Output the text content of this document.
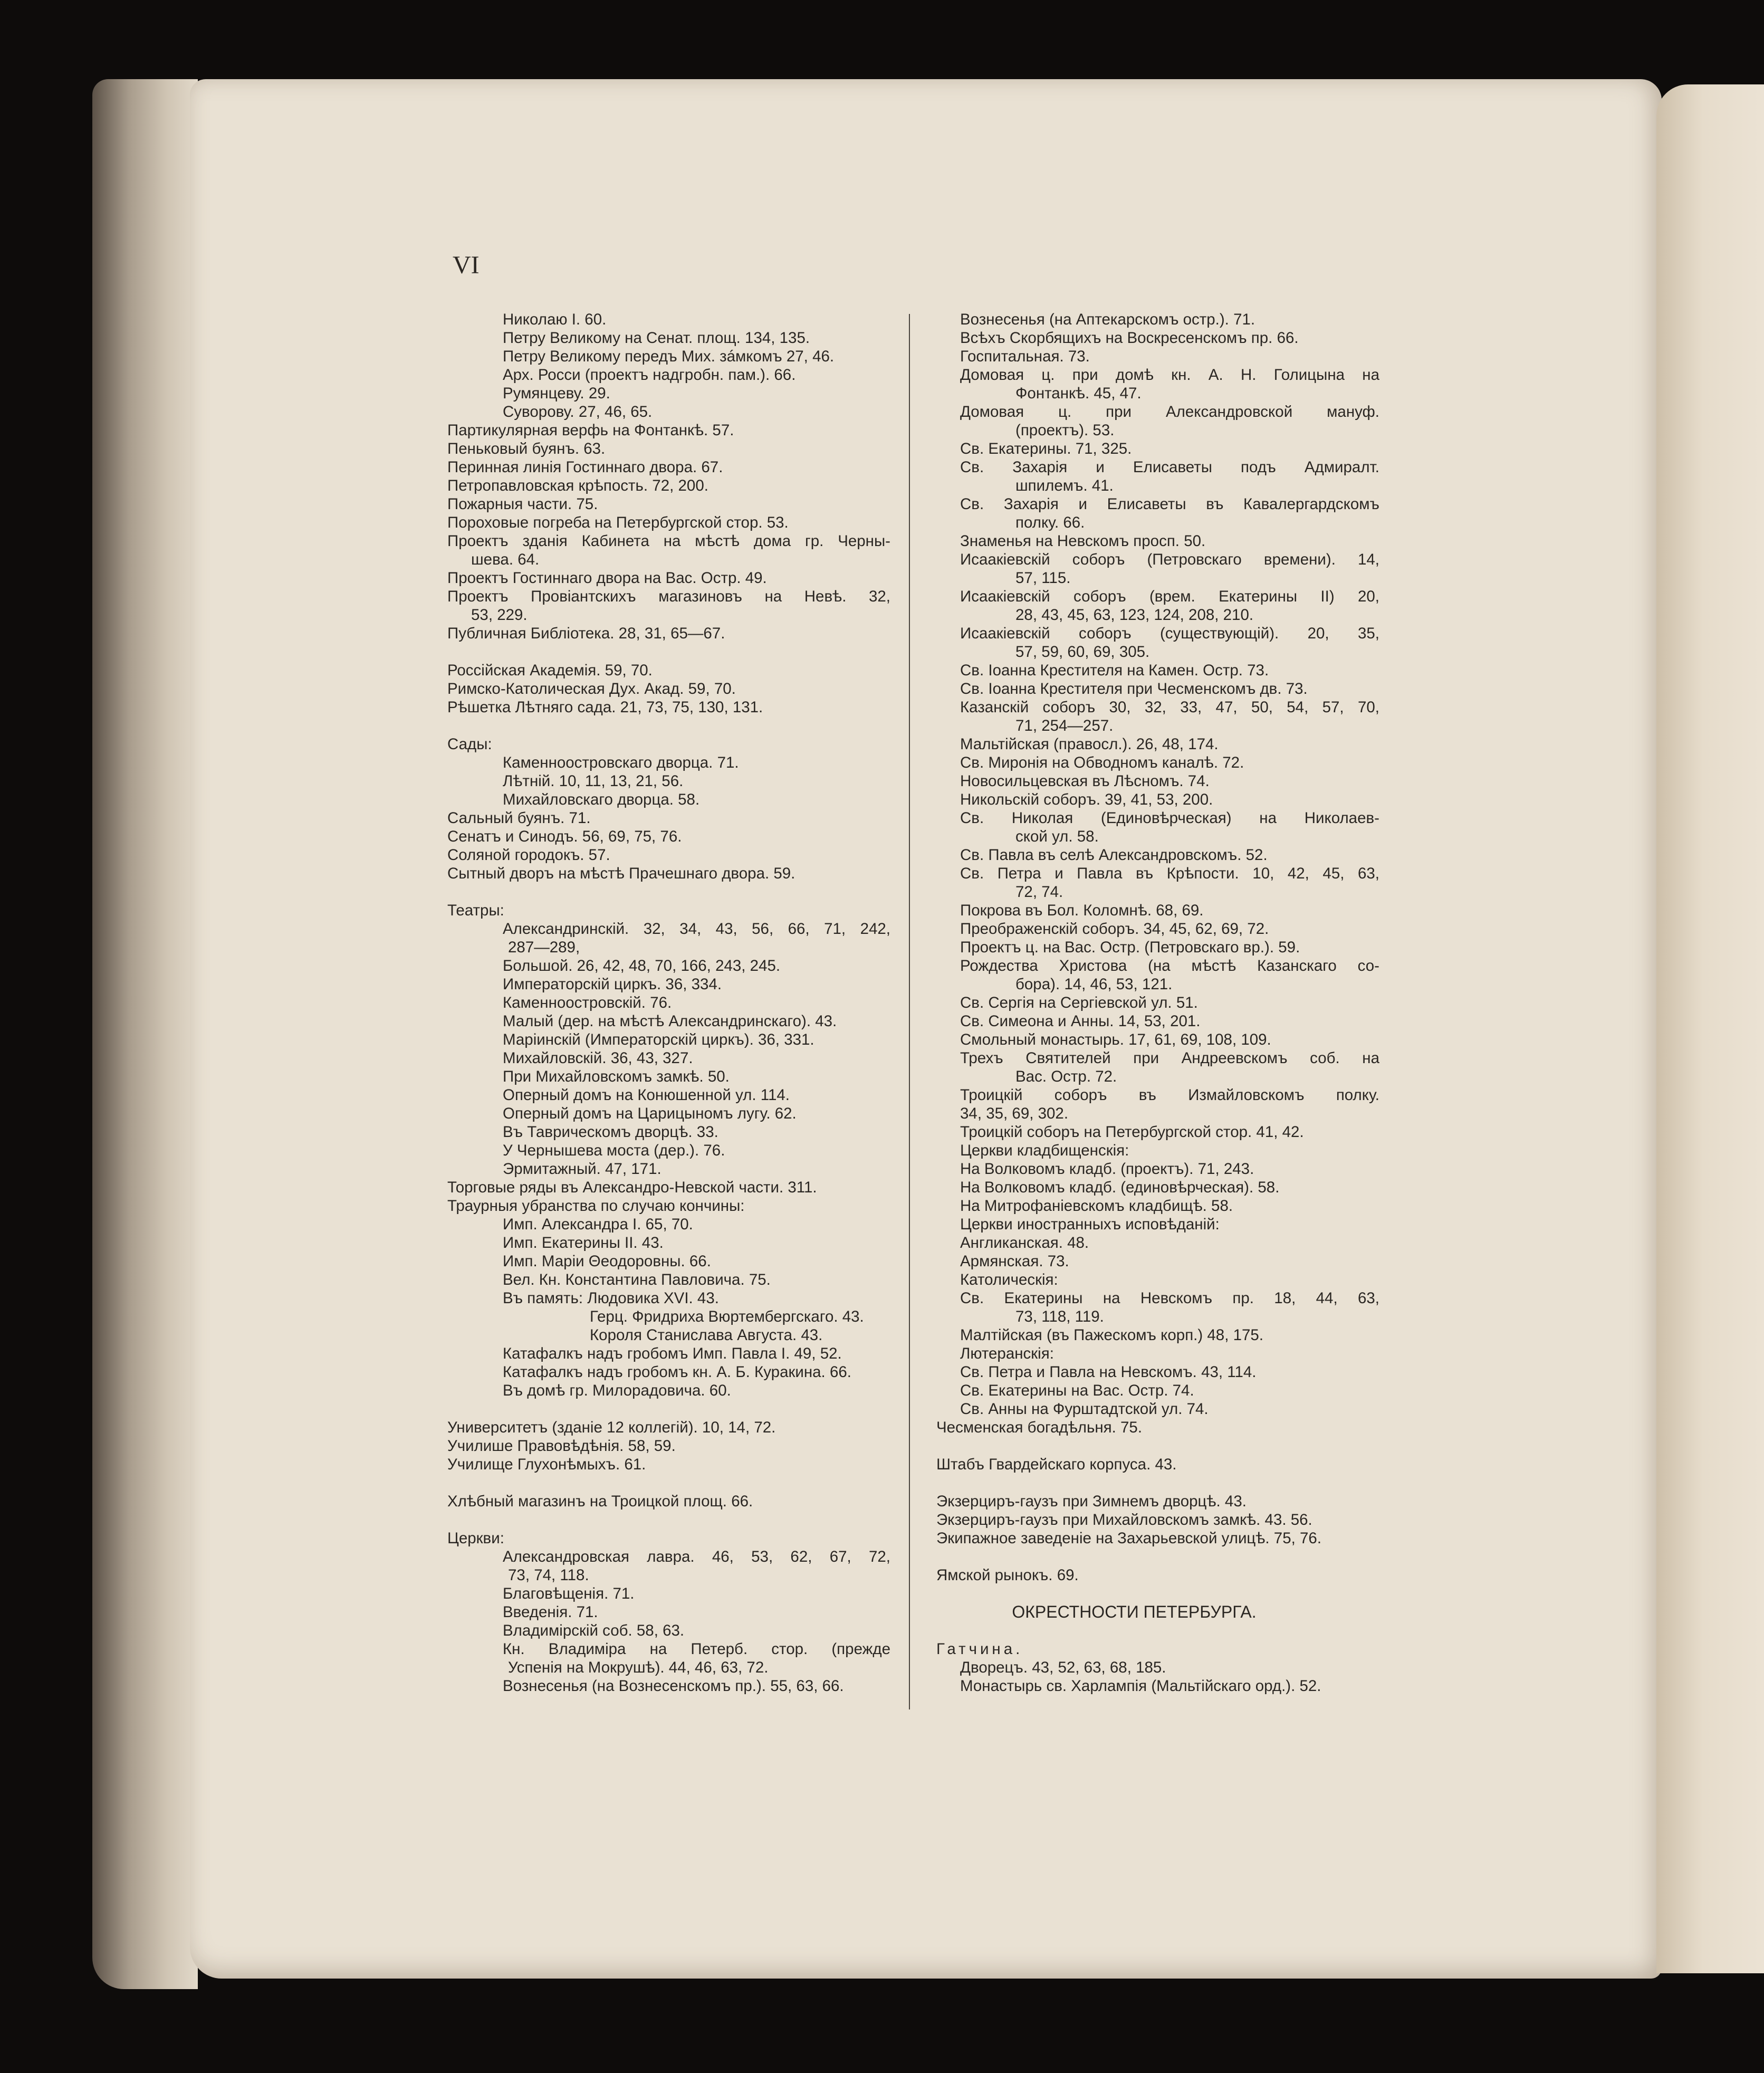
VI
Николаю I. 60.
Петру Великому на Сенат. площ. 134, 135.
Петру Великому передъ Мих. зáмкомъ 27, 46.
Арх. Росси (проектъ надгробн. пам.). 66.
Румянцеву. 29.
Суворову. 27, 46, 65.
Партикулярная верфь на Фонтанкѣ. 57.
Пеньковый буянъ. 63.
Перинная линія Гостиннаго двора. 67.
Петропавловская крѣпость. 72, 200.
Пожарныя части. 75.
Пороховые погреба на Петербургской стор. 53.
Проектъ зданія Кабинета на мѣстѣ дома гр. Черны-
шева. 64.
Проектъ Гостиннаго двора на Вас. Остр. 49.
Проектъ Провіантскихъ магазиновъ на Невѣ. 32,
53, 229.
Публичная Библіотека. 28, 31, 65—67.
Россійская Академія. 59, 70.
Римско-Католическая Дух. Акад. 59, 70.
Рѣшетка Лѣтняго сада. 21, 73, 75, 130, 131.
Сады:
Каменноостровскаго дворца. 71.
Лѣтній. 10, 11, 13, 21, 56.
Михайловскаго дворца. 58.
Сальный буянъ. 71.
Сенатъ и Синодъ. 56, 69, 75, 76.
Соляной городокъ. 57.
Сытный дворъ на мѣстѣ Прачешнаго двора. 59.
Театры:
Александринскій. 32, 34, 43, 56, 66, 71, 242,
287—289,
Большой. 26, 42, 48, 70, 166, 243, 245.
Императорскій циркъ. 36, 334.
Каменноостровскій. 76.
Малый (дер. на мѣстѣ Александринскаго). 43.
Маріинскій (Императорскій циркъ). 36, 331.
Михайловскій. 36, 43, 327.
При Михайловскомъ замкѣ. 50.
Оперный домъ на Конюшенной ул. 114.
Оперный домъ на Царицыномъ лугу. 62.
Въ Таврическомъ дворцѣ. 33.
У Чернышева моста (дер.). 76.
Эрмитажный. 47, 171.
Торговые ряды въ Александро-Невской части. 311.
Траурныя убранства по случаю кончины:
Имп. Александра I. 65, 70.
Имп. Екатерины II. 43.
Имп. Маріи Θеодоровны. 66.
Вел. Кн. Константина Павловича. 75.
Въ память: Людовика XVI. 43.
Герц. Фридриха Вюртембергскаго. 43.
Короля Станислава Августа. 43.
Катафалкъ надъ гробомъ Имп. Павла I. 49, 52.
Катафалкъ надъ гробомъ кн. А. Б. Куракина. 66.
Въ домѣ гр. Милорадовича. 60.
Университетъ (зданіе 12 коллегій). 10, 14, 72.
Училише Правовѣдѣнія. 58, 59.
Училище Глухонѣмыхъ. 61.
Хлѣбный магазинъ на Троицкой площ. 66.
Церкви:
Александровская лавра. 46, 53, 62, 67, 72,
73, 74, 118.
Благовѣщенія. 71.
Введенія. 71.
Владимірскій соб. 58, 63.
Кн. Владиміра на Петерб. стор. (прежде
Успенія на Мокрушѣ). 44, 46, 63, 72.
Вознесенья (на Вознесенскомъ пр.). 55, 63, 66.
Вознесенья (на Аптекарскомъ остр.). 71.
Всѣхъ Скорбящихъ на Воскресенскомъ пр. 66.
Госпитальная. 73.
Домовая ц. при домѣ кн. А. Н. Голицына на
Фонтанкѣ. 45, 47.
Домовая ц. при Александровской мануф.
(проектъ). 53.
Св. Екатерины. 71, 325.
Св. Захарія и Елисаветы подъ Адмиралт.
шпилемъ. 41.
Св. Захарія и Елисаветы въ Кавалергардскомъ
полку. 66.
Знаменья на Невскомъ просп. 50.
Исаакіевскій соборъ (Петровскаго времени). 14,
57, 115.
Исаакіевскій соборъ (врем. Екатерины II) 20,
28, 43, 45, 63, 123, 124, 208, 210.
Исаакіевскій соборъ (существующій). 20, 35,
57, 59, 60, 69, 305.
Св. Іоанна Крестителя на Камен. Остр. 73.
Св. Іоанна Крестителя при Чесменскомъ дв. 73.
Казанскій соборъ 30, 32, 33, 47, 50, 54, 57, 70,
71, 254—257.
Мальтійская (правосл.). 26, 48, 174.
Св. Миронія на Обводномъ каналѣ. 72.
Новосильцевская въ Лѣсномъ. 74.
Никольскій соборъ. 39, 41, 53, 200.
Св. Николая (Единовѣрческая) на Николаев-
ской ул. 58.
Св. Павла въ селѣ Александровскомъ. 52.
Св. Петра и Павла въ Крѣпости. 10, 42, 45, 63,
72, 74.
Покрова въ Бол. Коломнѣ. 68, 69.
Преображенскій соборъ. 34, 45, 62, 69, 72.
Проектъ ц. на Вас. Остр. (Петровскаго вр.). 59.
Рождества Христова (на мѣстѣ Казанскаго со-
бора). 14, 46, 53, 121.
Св. Сергія на Сергіевской ул. 51.
Св. Симеона и Анны. 14, 53, 201.
Смольный монастырь. 17, 61, 69, 108, 109.
Трехъ Святителей при Андреевскомъ соб. на
Вас. Остр. 72.
Троицкій соборъ въ Измайловскомъ полку.
34, 35, 69, 302.
Троицкій соборъ на Петербургской стор. 41, 42.
Церкви кладбищенскія:
На Волковомъ кладб. (проектъ). 71, 243.
На Волковомъ кладб. (единовѣрческая). 58.
На Митрофаніевскомъ кладбищѣ. 58.
Церкви иностранныхъ исповѣданій:
Англиканская. 48.
Армянская. 73.
Католическія:
Св. Екатерины на Невскомъ пр. 18, 44, 63,
73, 118, 119.
Малтійская (въ Пажескомъ корп.) 48, 175.
Лютеранскія:
Св. Петра и Павла на Невскомъ. 43, 114.
Св. Екатерины на Вас. Остр. 74.
Св. Анны на Фурштадтской ул. 74.
Чесменская богадѣльня. 75.
Штабъ Гвардейскаго корпуса. 43.
Экзерциръ-гаузъ при Зимнемъ дворцѣ. 43.
Экзерциръ-гаузъ при Михайловскомъ замкѣ. 43. 56.
Экипажное заведеніе на Захарьевской улицѣ. 75, 76.
Ямской рынокъ. 69.
ОКРЕСТНОСТИ ПЕТЕРБУРГА.
Гатчина.
Дворецъ. 43, 52, 63, 68, 185.
Монастырь св. Харлампія (Мальтійскаго орд.). 52.
